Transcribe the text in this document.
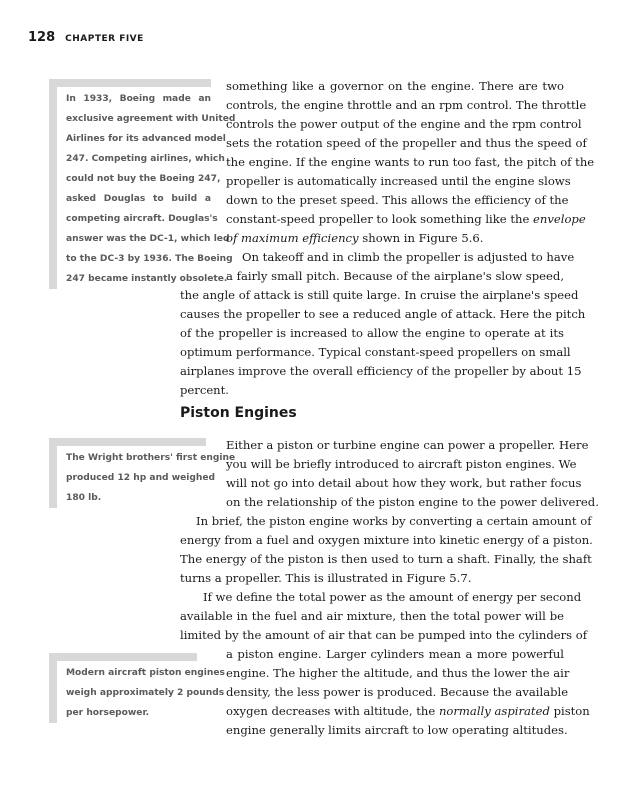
128 CHAPTER FIVE
In 1933, Boeing made an
exclusive agreement with United
Airlines for its advanced model
247. Competing airlines, which
could not buy the Boeing 247,
asked Douglas to build a
competing aircraft. Douglas's
answer was the DC-1, which led
to the DC-3 by 1936. The Boeing
247 became instantly obsolete.
The Wright brothers' first engine
produced 12 hp and weighed
180 lb.
Modern aircraft piston engines
weigh approximately 2 pounds
per horsepower.
something like a governor on the engine. There are two
controls, the engine throttle and an rpm control. The throttle
controls the power output of the engine and the rpm control
sets the rotation speed of the propeller and thus the speed of
the engine. If the engine wants to run too fast, the pitch of the
propeller is automatically increased until the engine slows
down to the preset speed. This allows the efficiency of the
constant-speed propeller to look something like the envelope
of maximum efficiency shown in Figure 5.6.
On takeoff and in climb the propeller is adjusted to have
a fairly small pitch. Because of the airplane's slow speed,
the angle of attack is still quite large. In cruise the airplane's speed
causes the propeller to see a reduced angle of attack. Here the pitch
of the propeller is increased to allow the engine to operate at its
optimum performance. Typical constant-speed propellers on small
airplanes improve the overall efficiency of the propeller by about 15
percent.
Piston Engines
Either a piston or turbine engine can power a propeller. Here
you will be briefly introduced to aircraft piston engines. We
will not go into detail about how they work, but rather focus
on the relationship of the piston engine to the power delivered.
In brief, the piston engine works by converting a certain amount of
energy from a fuel and oxygen mixture into kinetic energy of a piston.
The energy of the piston is then used to turn a shaft. Finally, the shaft
turns a propeller. This is illustrated in Figure 5.7.
If we define the total power as the amount of energy per second
available in the fuel and air mixture, then the total power will be
limited by the amount of air that can be pumped into the cylinders of
a piston engine. Larger cylinders mean a more powerful
engine. The higher the altitude, and thus the lower the air
density, the less power is produced. Because the available
oxygen decreases with altitude, the normally aspirated piston
engine generally limits aircraft to low operating altitudes.
